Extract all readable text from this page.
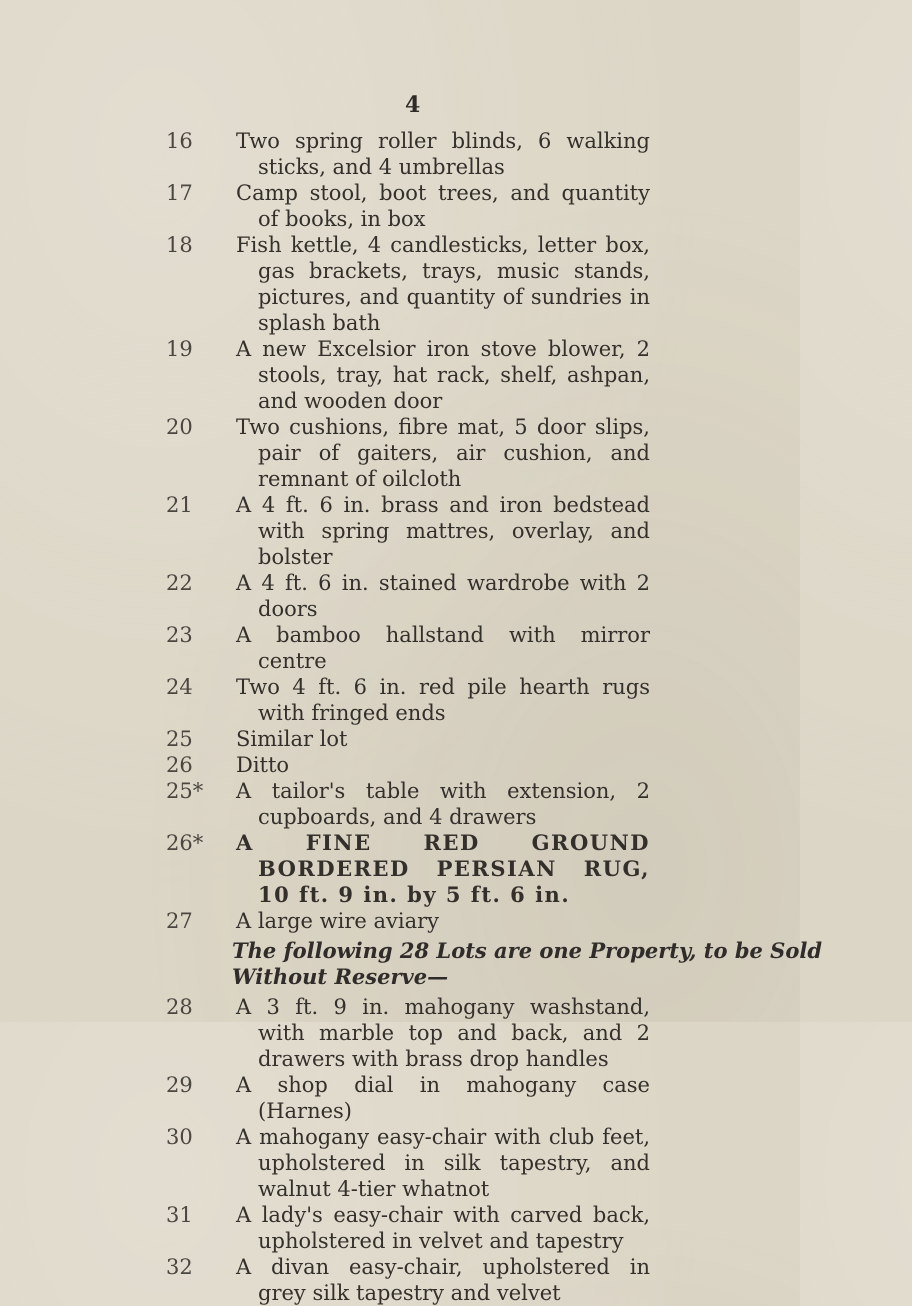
4
16	Two spring roller blinds, 6 walking sticks, and 4 umbrellas
17	Camp stool, boot trees, and quantity of books, in box
18	Fish kettle, 4 candlesticks, letter box, gas brackets, trays, music stands, pictures, and quantity of sundries in splash bath
19	A new Excelsior iron stove blower, 2 stools, tray, hat rack, shelf, ashpan, and wooden door
20	Two cushions, fibre mat, 5 door slips, pair of gaiters, air cushion, and remnant of oilcloth
21	A 4 ft. 6 in. brass and iron bedstead with spring mattres, overlay, and bolster
22	A 4 ft. 6 in. stained wardrobe with 2 doors
23	A bamboo hallstand with mirror centre
24	Two 4 ft. 6 in. red pile hearth rugs with fringed ends
25	Similar lot
26	Ditto
25*	A tailor's table with extension, 2 cupboards, and 4 drawers
26*	A FINE RED GROUND BORDERED PERSIAN RUG, 10 ft. 9 in. by 5 ft. 6 in.
27	A large wire aviary
The following 28 Lots are one Property, to be Sold Without Reserve—
28	A 3 ft. 9 in. mahogany washstand, with marble top and back, and 2 drawers with brass drop handles
29	A shop dial in mahogany case (Harnes)
30	A mahogany easy-chair with club feet, upholstered in silk tapestry, and walnut 4-tier whatnot
31	A lady's easy-chair with carved back, upholstered in velvet and tapestry
32	A divan easy-chair, upholstered in grey silk tapestry and velvet
